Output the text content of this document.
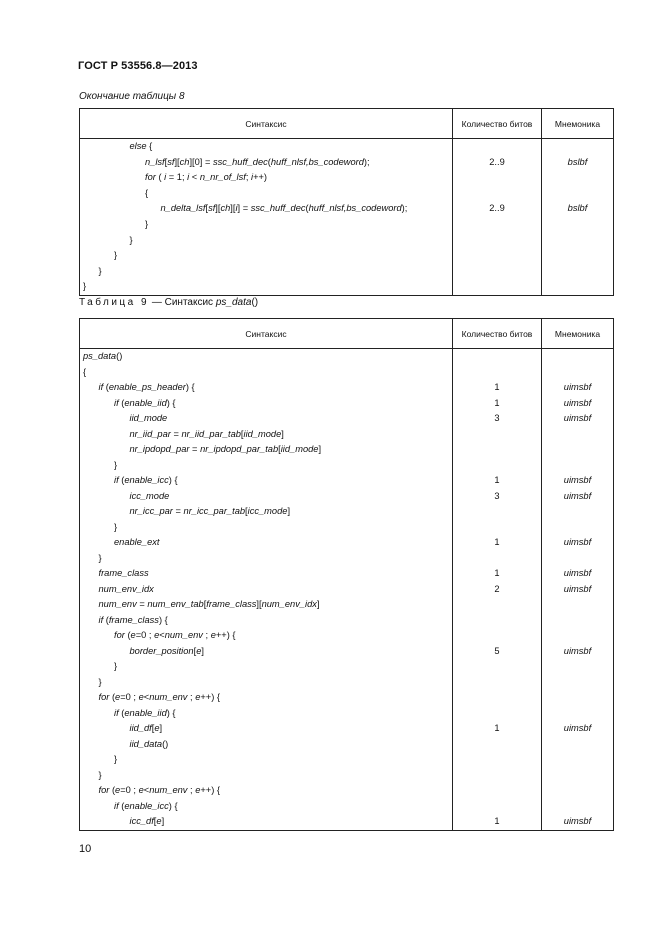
ГОСТ Р 53556.8—2013
Окончание таблицы 8
Синтаксис	Количество битов	Мнемоника
else {		
n_lsf[sf][ch][0] = ssc_huff_dec(huff_nlsf,bs_codeword);	2..9	bslbf
for ( i = 1; i < n_nr_of_lsf; i++)		
{		
n_delta_lsf[sf][ch][i] = ssc_huff_dec(huff_nlsf,bs_codeword);	2..9	bslbf
}		
}		
}		
}		
}		
Таблица 9 — Синтаксис ps_data()
Синтаксис	Количество битов	Мнемоника
ps_data()		
{		
if (enable_ps_header) {	1	uimsbf
if (enable_iid) {	1	uimsbf
iid_mode	3	uimsbf
nr_iid_par = nr_iid_par_tab[iid_mode]		
nr_ipdopd_par = nr_ipdopd_par_tab[iid_mode]		
}		
if (enable_icc) {	1	uimsbf
icc_mode	3	uimsbf
nr_icc_par = nr_icc_par_tab[icc_mode]		
}		
enable_ext	1	uimsbf
}		
frame_class	1	uimsbf
num_env_idx	2	uimsbf
num_env = num_env_tab[frame_class][num_env_idx]		
if (frame_class) {		
for (e=0 ; e<num_env ; e++) {		
border_position[e]	5	uimsbf
}		
}		
for (e=0 ; e<num_env ; e++) {		
if (enable_iid) {		
iid_df[e]	1	uimsbf
iid_data()		
}		
}		
for (e=0 ; e<num_env ; e++) {		
if (enable_icc) {		
icc_df[e]	1	uimsbf
10
